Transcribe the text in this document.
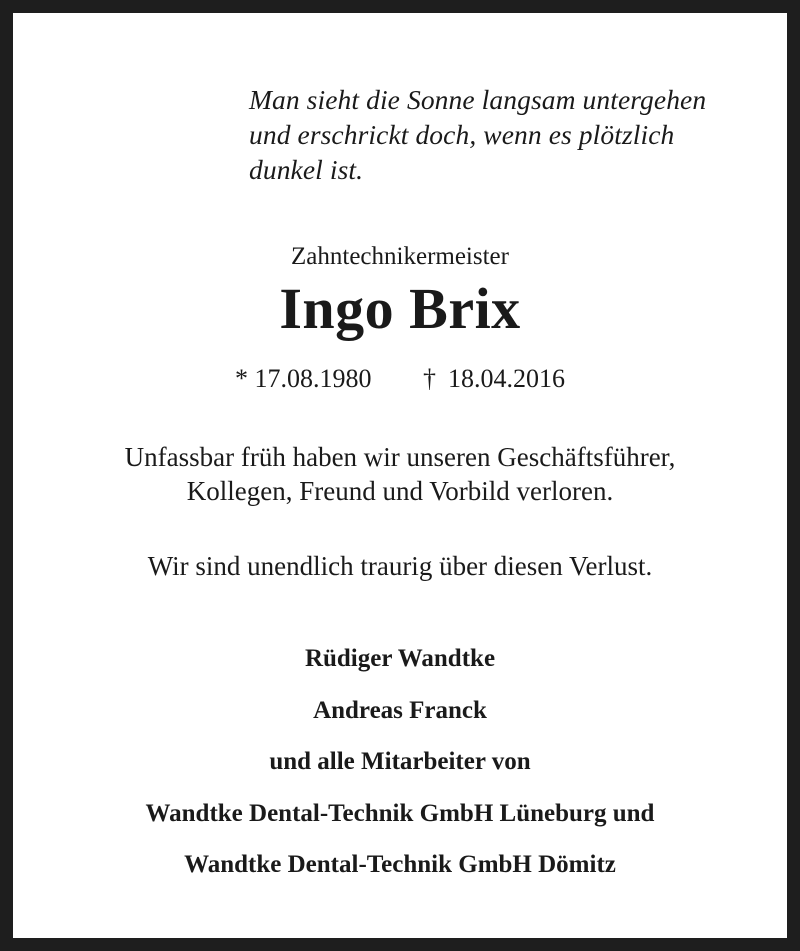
Man sieht die Sonne langsam untergehen
und erschrickt doch, wenn es plötzlich
dunkel ist.
Zahntechnikermeister
Ingo Brix
* 17.08.1980 † 18.04.2016
Unfassbar früh haben wir unseren Geschäftsführer,
Kollegen, Freund und Vorbild verloren.
Wir sind unendlich traurig über diesen Verlust.
Rüdiger Wandtke
Andreas Franck
und alle Mitarbeiter von
Wandtke Dental-Technik GmbH Lüneburg und
Wandtke Dental-Technik GmbH Dömitz
